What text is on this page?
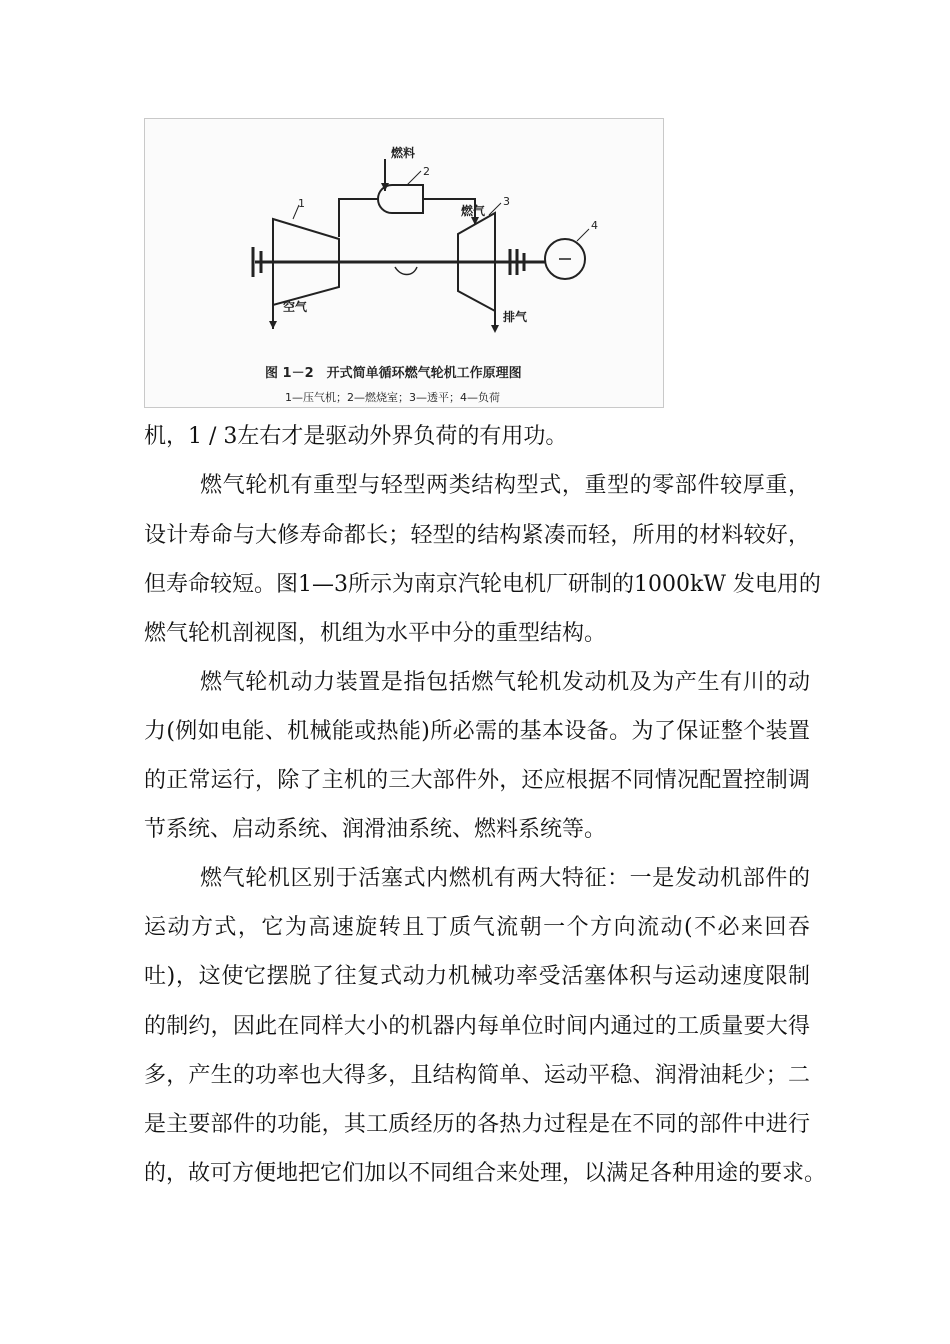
燃料
2
1
燃气
3
4
空气
排气
图 1－2　开式简单循环燃气轮机工作原理图
1—压气机；2—燃烧室；3—透平；4—负荷
机，1 / 3左右才是驱动外界负荷的有用功。
燃气轮机有重型与轻型两类结构型式，重型的零部件较厚重，
设计寿命与大修寿命都长；轻型的结构紧凑而轻，所用的材料较好，
但寿命较短。图1—3所示为南京汽轮电机厂研制的1000kW 发电用的
燃气轮机剖视图，机组为水平中分的重型结构。
燃气轮机动力装置是指包括燃气轮机发动机及为产生有川的动
力(例如电能、机械能或热能)所必需的基本设备。为了保证整个装置
的正常运行，除了主机的三大部件外，还应根据不同情况配置控制调
节系统、启动系统、润滑油系统、燃料系统等。
燃气轮机区别于活塞式内燃机有两大特征：一是发动机部件的
运动方式，它为高速旋转且丁质气流朝一个方向流动(不必来回吞
吐)，这使它摆脱了往复式动力机械功率受活塞体积与运动速度限制
的制约，因此在同样大小的机器内每单位时间内通过的工质量要大得
多，产生的功率也大得多，且结构简单、运动平稳、润滑油耗少；二
是主要部件的功能，其工质经历的各热力过程是在不同的部件中进行
的，故可方便地把它们加以不同组合来处理，以满足各种用途的要求。
